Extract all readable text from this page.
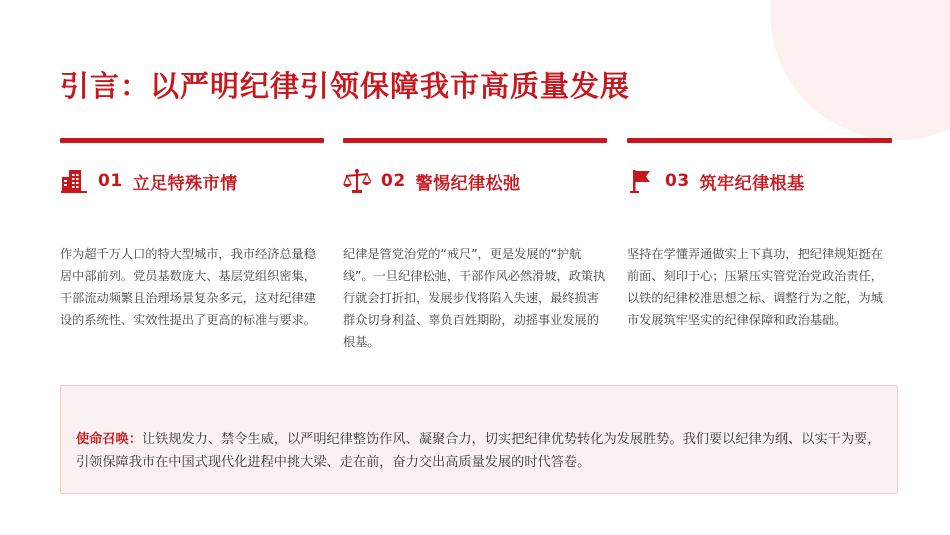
引言：以严明纪律引领保障我市高质量发展
01 立足特殊市情

作为超千万人口的特大型城市，我市经济总量稳居中部前列。党员基数庞大、基层党组织密集，干部流动频繁且治理场景复杂多元，这对纪律建设的系统性、实效性提出了更高的标准与要求。

02 警惕纪律松弛

纪律是管党治党的“戒尺”，更是发展的“护航线”。一旦纪律松弛，干部作风必然滑坡，政策执行就会打折扣，发展步伐将陷入失速，最终损害群众切身利益、辜负百姓期盼，动摇事业发展的根基。

03 筑牢纪律根基

坚持在学懂弄通做实上下真功，把纪律规矩挺在前面、刻印于心；压紧压实管党治党政治责任，以铁的纪律校准思想之标、调整行为之舵，为城市发展筑牢坚实的纪律保障和政治基础。

使命召唤：让铁规发力、禁令生威，以严明纪律整饬作风、凝聚合力，切实把纪律优势转化为发展胜势。我们要以纪律为纲、以实干为要，引领保障我市在中国式现代化进程中挑大梁、走在前，奋力交出高质量发展的时代答卷。
